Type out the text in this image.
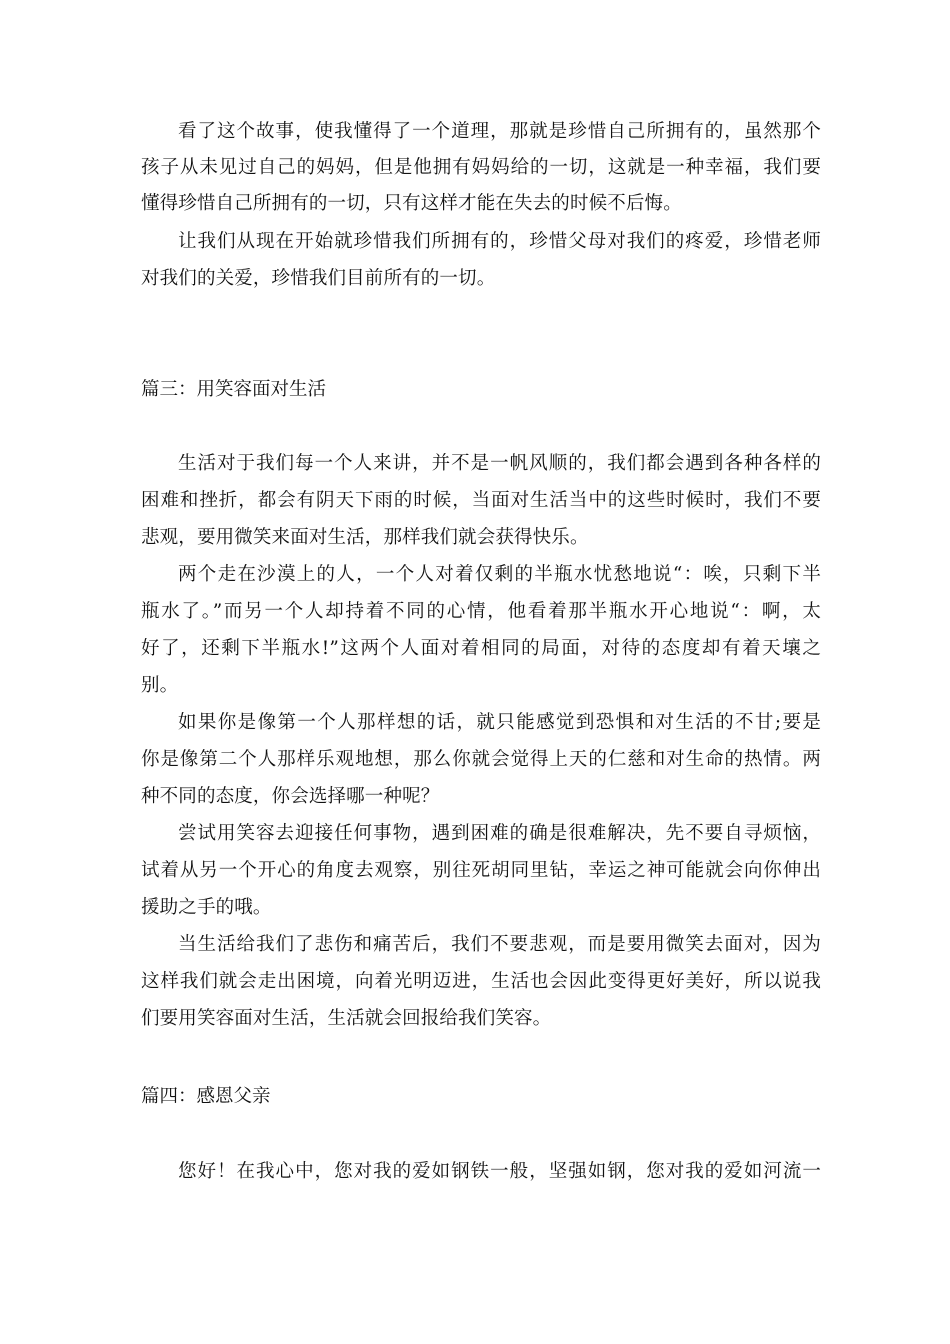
看了这个故事，使我懂得了一个道理，那就是珍惜自己所拥有的，虽然那个
孩子从未见过自己的妈妈，但是他拥有妈妈给的一切，这就是一种幸福，我们要
懂得珍惜自己所拥有的一切，只有这样才能在失去的时候不后悔。
让我们从现在开始就珍惜我们所拥有的，珍惜父母对我们的疼爱，珍惜老师
对我们的关爱，珍惜我们目前所有的一切。
篇三：用笑容面对生活
生活对于我们每一个人来讲，并不是一帆风顺的，我们都会遇到各种各样的
困难和挫折，都会有阴天下雨的时候，当面对生活当中的这些时候时，我们不要
悲观，要用微笑来面对生活，那样我们就会获得快乐。
两个走在沙漠上的人，一个人对着仅剩的半瓶水忧愁地说“：唉，只剩下半
瓶水了。”而另一个人却持着不同的心情，他看着那半瓶水开心地说“：啊，太
好了，还剩下半瓶水!”这两个人面对着相同的局面，对待的态度却有着天壤之
别。
如果你是像第一个人那样想的话，就只能感觉到恐惧和对生活的不甘;要是
你是像第二个人那样乐观地想，那么你就会觉得上天的仁慈和对生命的热情。两
种不同的态度，你会选择哪一种呢？
尝试用笑容去迎接任何事物，遇到困难的确是很难解决，先不要自寻烦恼，
试着从另一个开心的角度去观察，别往死胡同里钻，幸运之神可能就会向你伸出
援助之手的哦。
当生活给我们了悲伤和痛苦后，我们不要悲观，而是要用微笑去面对，因为
这样我们就会走出困境，向着光明迈进，生活也会因此变得更好美好，所以说我
们要用笑容面对生活，生活就会回报给我们笑容。
篇四：感恩父亲
您好！在我心中，您对我的爱如钢铁一般，坚强如钢，您对我的爱如河流一
